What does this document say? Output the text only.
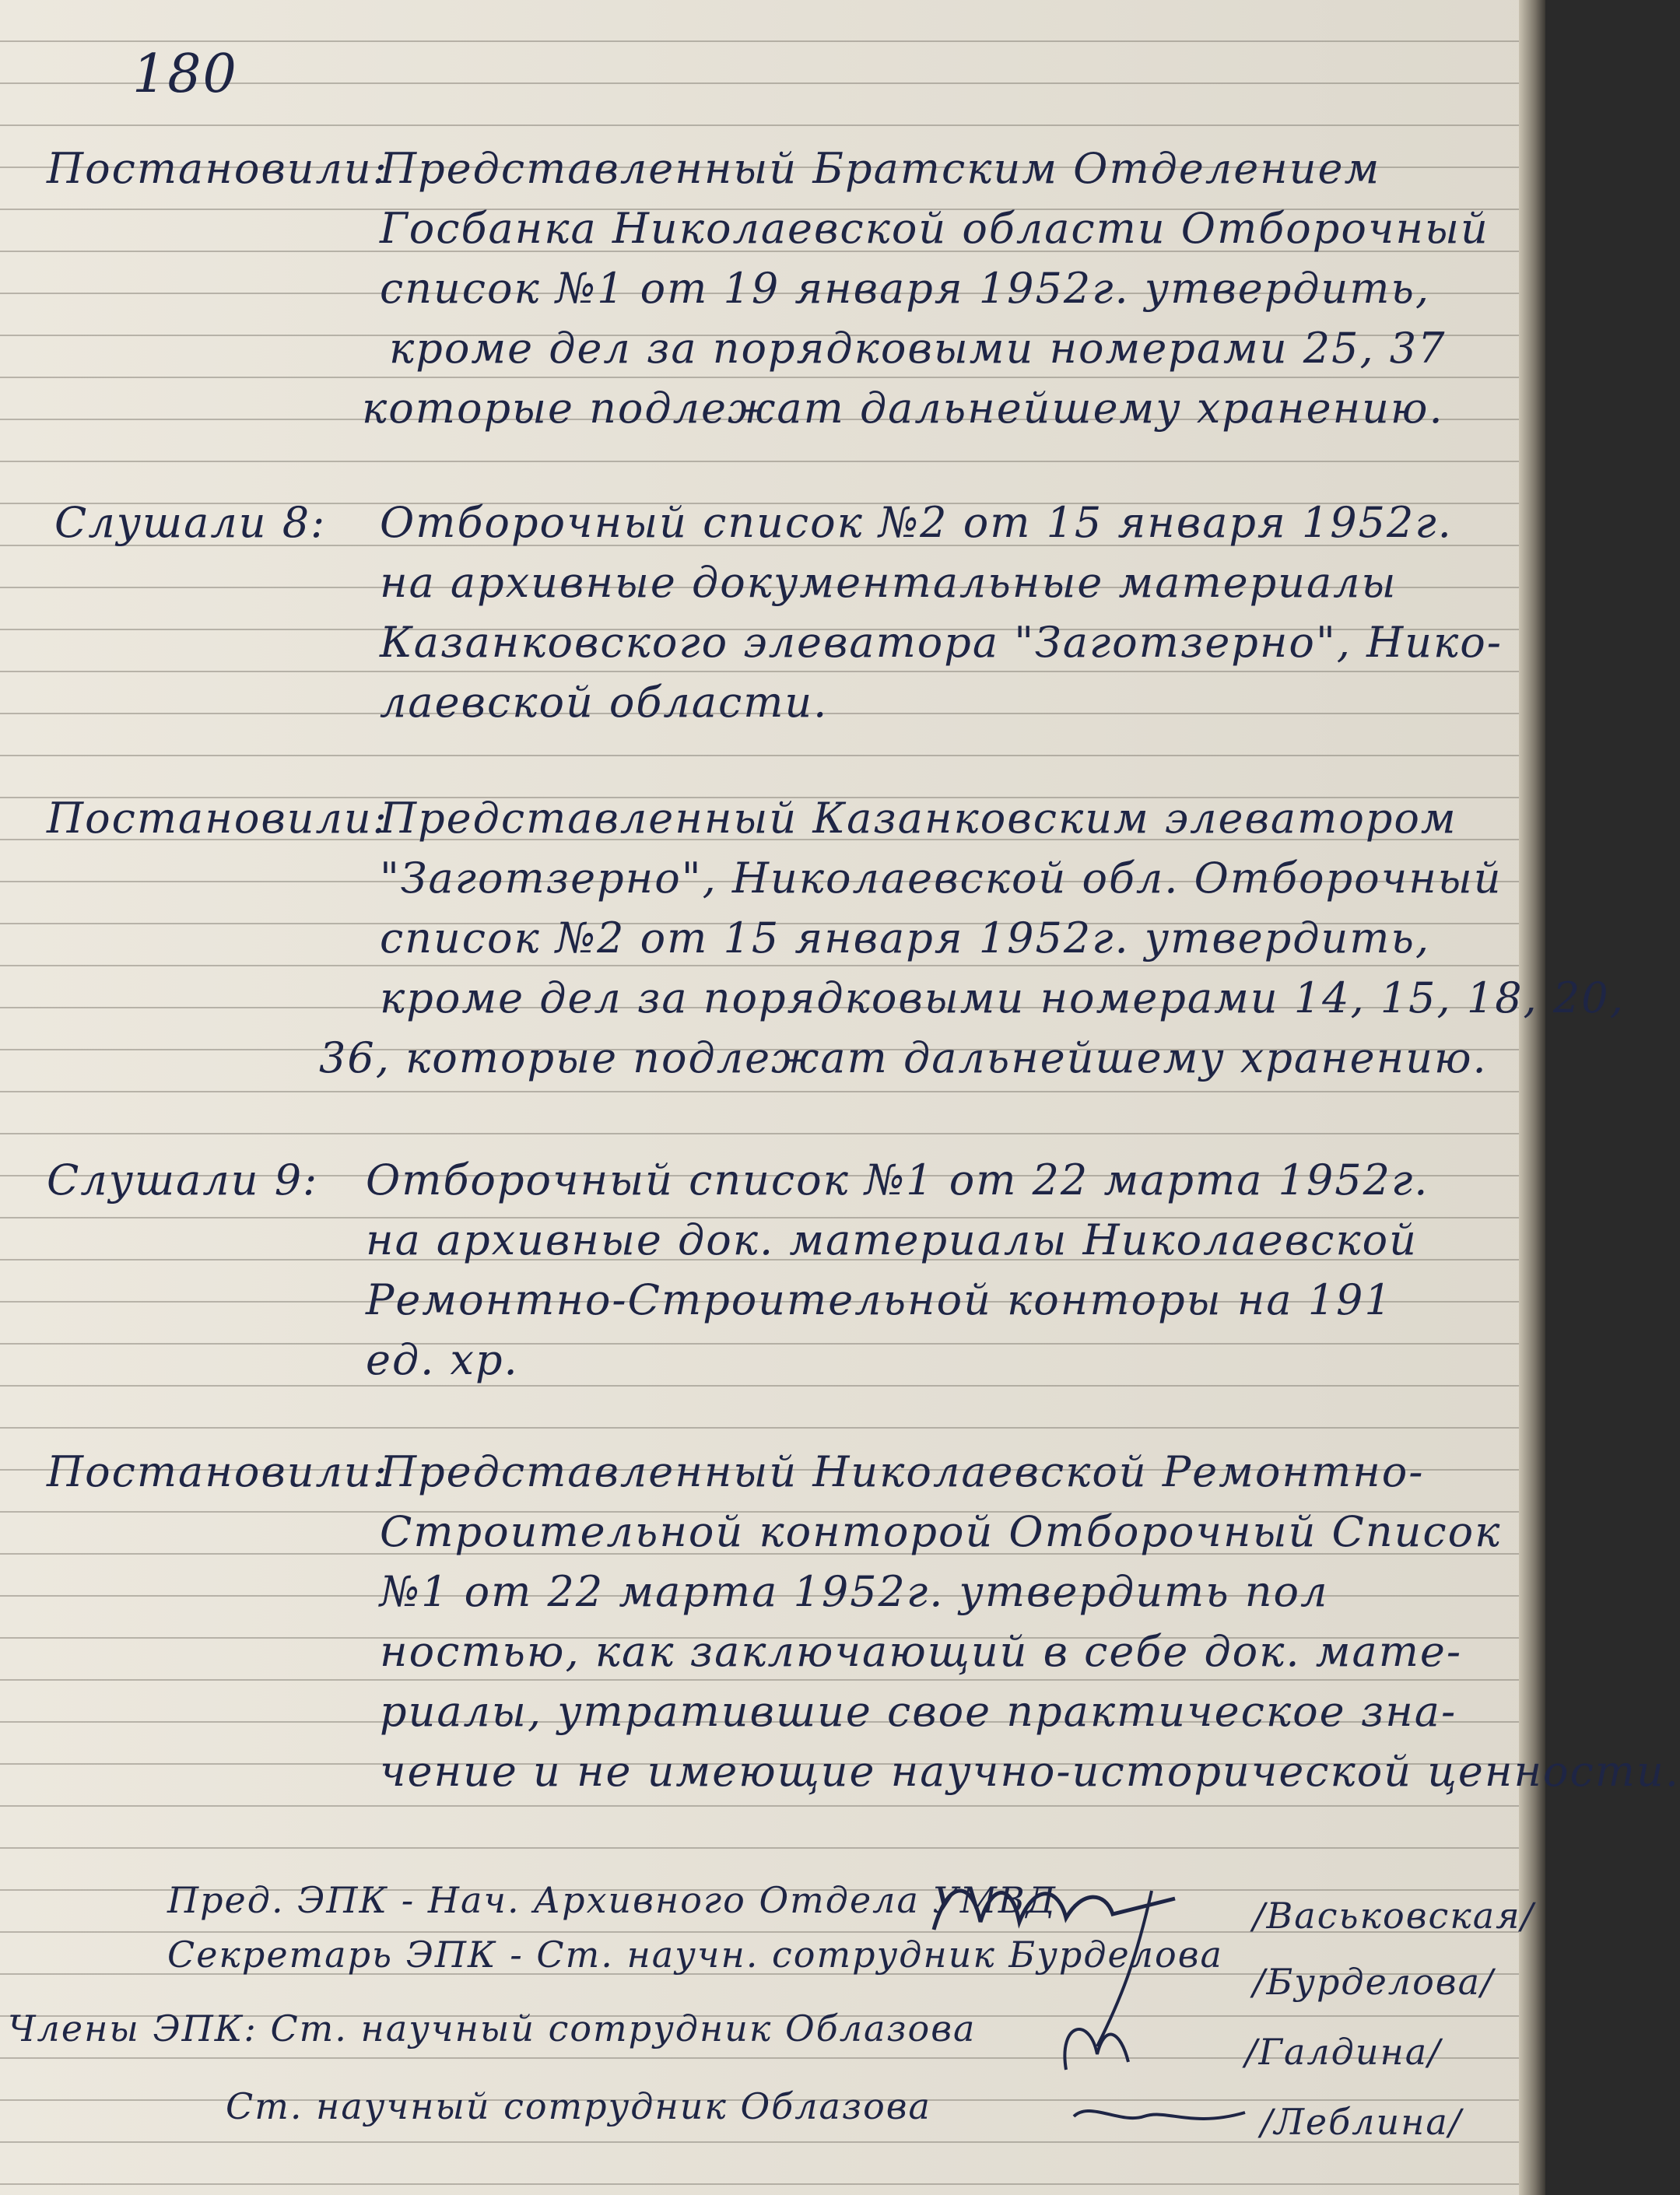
180
Постановили:
Представленный Братским Отделением
Госбанка Николаевской области Отборочный
список №1 от 19 января 1952г. утвердить,
кроме дел за порядковыми номерами 25, 37
которые подлежат дальнейшему хранению.
Слушали 8: Отборочный список №2 от 15 января 1952г.
на архивные документальные материалы
Казанковского элеватора "Заготзерно", Нико-
лаевской области.
Постановили:
Представленный Казанковским элеватором
"Заготзерно", Николаевской обл. Отборочный
список №2 от 15 января 1952г. утвердить,
кроме дел за порядковыми номерами 14, 15, 18, 20,
36, которые подлежат дальнейшему хранению.
Слушали 9: Отборочный список №1 от 22 марта 1952г.
на архивные док. материалы Николаевской
Ремонтно-Строительной конторы на 191
ед. хр.
Постановили:
Представленный Николаевской Ремонтно-
Строительной конторой Отборочный Список
№1 от 22 марта 1952г. утвердить пол
ностью, как заключающий в себе док. мате-
риалы, утратившие свое практическое зна-
чение и не имеющие научно-исторической ценности.
Пред. ЭПК - Нач. Архивного Отдела УМВД	/Васьковская/
Секретарь ЭПК - Ст. научн. сотрудник Бурделова
/Бурделова/
Члены ЭПК: Ст. научный сотрудник Облазова
/Галдина/
Ст. научный сотрудник Облазова	/Леблина/
